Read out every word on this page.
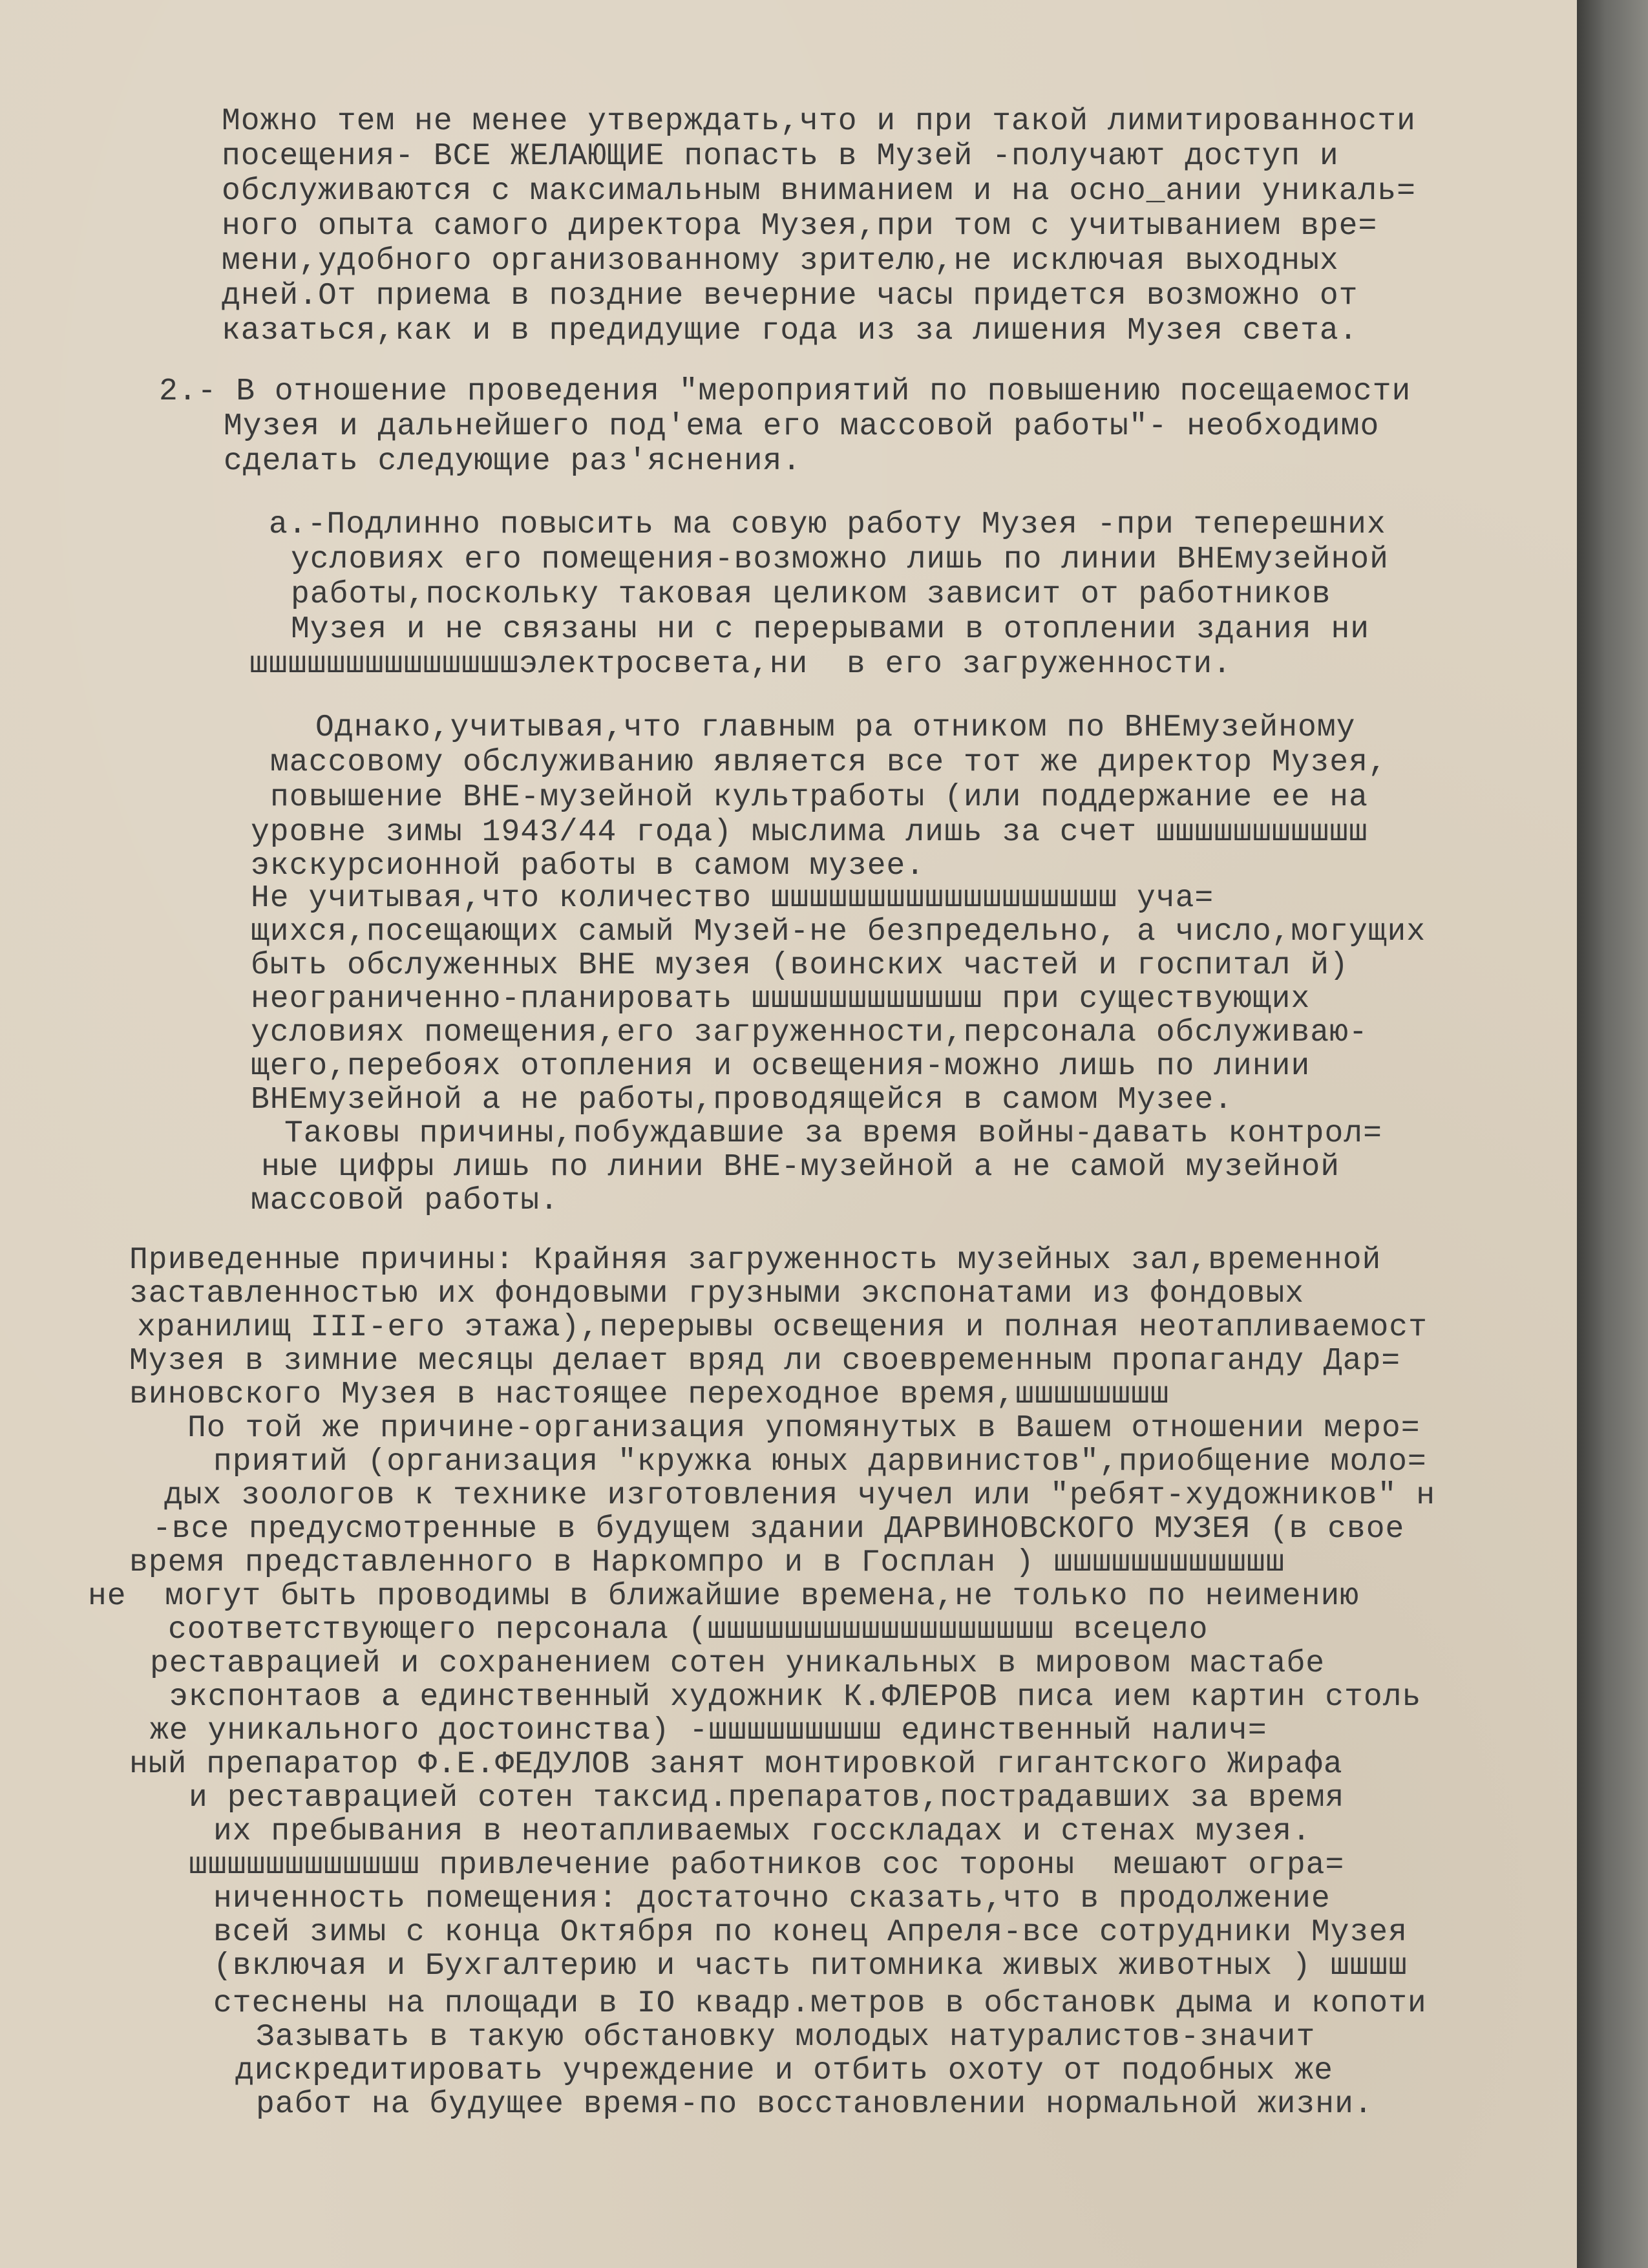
Можно тем не менее утверждать,что и при такой лимитированности

посещения- ВСЕ ЖЕЛАЮЩИЕ попасть в Музей -получают доступ и

обслуживаются с максимальным вниманием и на осно_ании уникаль=

ного опыта самого директора Музея,при том с учитыванием вре=

мени,удобного организованному зрителю,не исключая выходных

дней.От приема в поздние вечерние часы придется возможно от

казаться,как и в предидущие года из за лишения Музея света.

2.- В отношение проведения "мероприятий по повышению посещаемости

Музея и дальнейшего под'ема его массовой работы"- необходимо

сделать следующие раз'яснения.

а.-Подлинно повысить ма совую работу Музея -при теперешних

условиях его помещения-возможно лишь по линии ВНЕмузейной

работы,поскольку таковая целиком зависит от работников

Музея и не связаны ни с перерывами в отоплении здания ни

шшшшшшшшшшшшшшэлектросвета,ни  в его загруженности.

Однако,учитывая,что главным ра отником по ВНЕмузейному

массовому обслуживанию является все тот же директор Музея,

повышение ВНЕ-музейной культработы (или поддержание ее на

уровне зимы 1943/44 года) мыслима лишь за счет шшшшшшшшшшш

экскурсионной работы в самом музее.

Не учитывая,что количество шшшшшшшшшшшшшшшшшш уча=

щихся,посещающих самый Музей-не безпредельно, а число,могущих

быть обслуженных ВНЕ музея (воинских частей и госпитал й)

неограниченно-планировать шшшшшшшшшшшш при существующих

условиях помещения,его загруженности,персонала обслуживаю-

щего,перебоях отопления и освещения-можно лишь по линии

ВНЕмузейной а не работы,проводящейся в самом Музее.

Таковы причины,побуждавшие за время войны-давать контрол=

ные цифры лишь по линии ВНЕ-музейной а не самой музейной

массовой работы.

Приведенные причины: Крайняя загруженность музейных зал,временной

заставленностью их фондовыми грузными экспонатами из фондовых

хранилищ III-его этажа),перерывы освещения и полная неотапливаемост

Музея в зимние месяцы делает вряд ли своевременным пропаганду Дар=

виновского Музея в настоящее переходное время,шшшшшшшш

По той же причине-организация упомянутых в Вашем отношении меро=

приятий (организация "кружка юных дарвинистов",приобщение моло=

дых зоологов к технике изготовления чучел или "ребят-художников" н

-все предусмотренные в будущем здании ДАРВИНОВСКОГО МУЗЕЯ (в свое

время представленного в Наркомпро и в Госплан ) шшшшшшшшшшшш

не  могут быть проводимы в ближайшие времена,не только по неимению

соответствующего персонала (шшшшшшшшшшшшшшшшшш всецело

реставрацией и сохранением сотен уникальных в мировом мастабе

экспонтаов а единственный художник К.ФЛЕРОВ писа ием картин столь

же уникального достоинства) -шшшшшшшшш единственный налич=

ный препаратор Ф.Е.ФЕДУЛОВ занят монтировкой гигантского Жирафа

и реставрацией сотен таксид.препаратов,пострадавших за время

их пребывания в неотапливаемых госскладах и стенах музея.

шшшшшшшшшшшш привлечение работников сос тороны  мешают огра=

ниченность помещения: достаточно сказать,что в продолжение

всей зимы с конца Октября по конец Апреля-все сотрудники Музея

(включая и Бухгалтерию и часть питомника живых животных ) шшшш

стеснены на площади в IO квадр.метров в обстановк дыма и копоти

Зазывать в такую обстановку молодых натуралистов-значит

дискредитировать учреждение и отбить охоту от подобных же

работ на будущее время-по восстановлении нормальной жизни.
